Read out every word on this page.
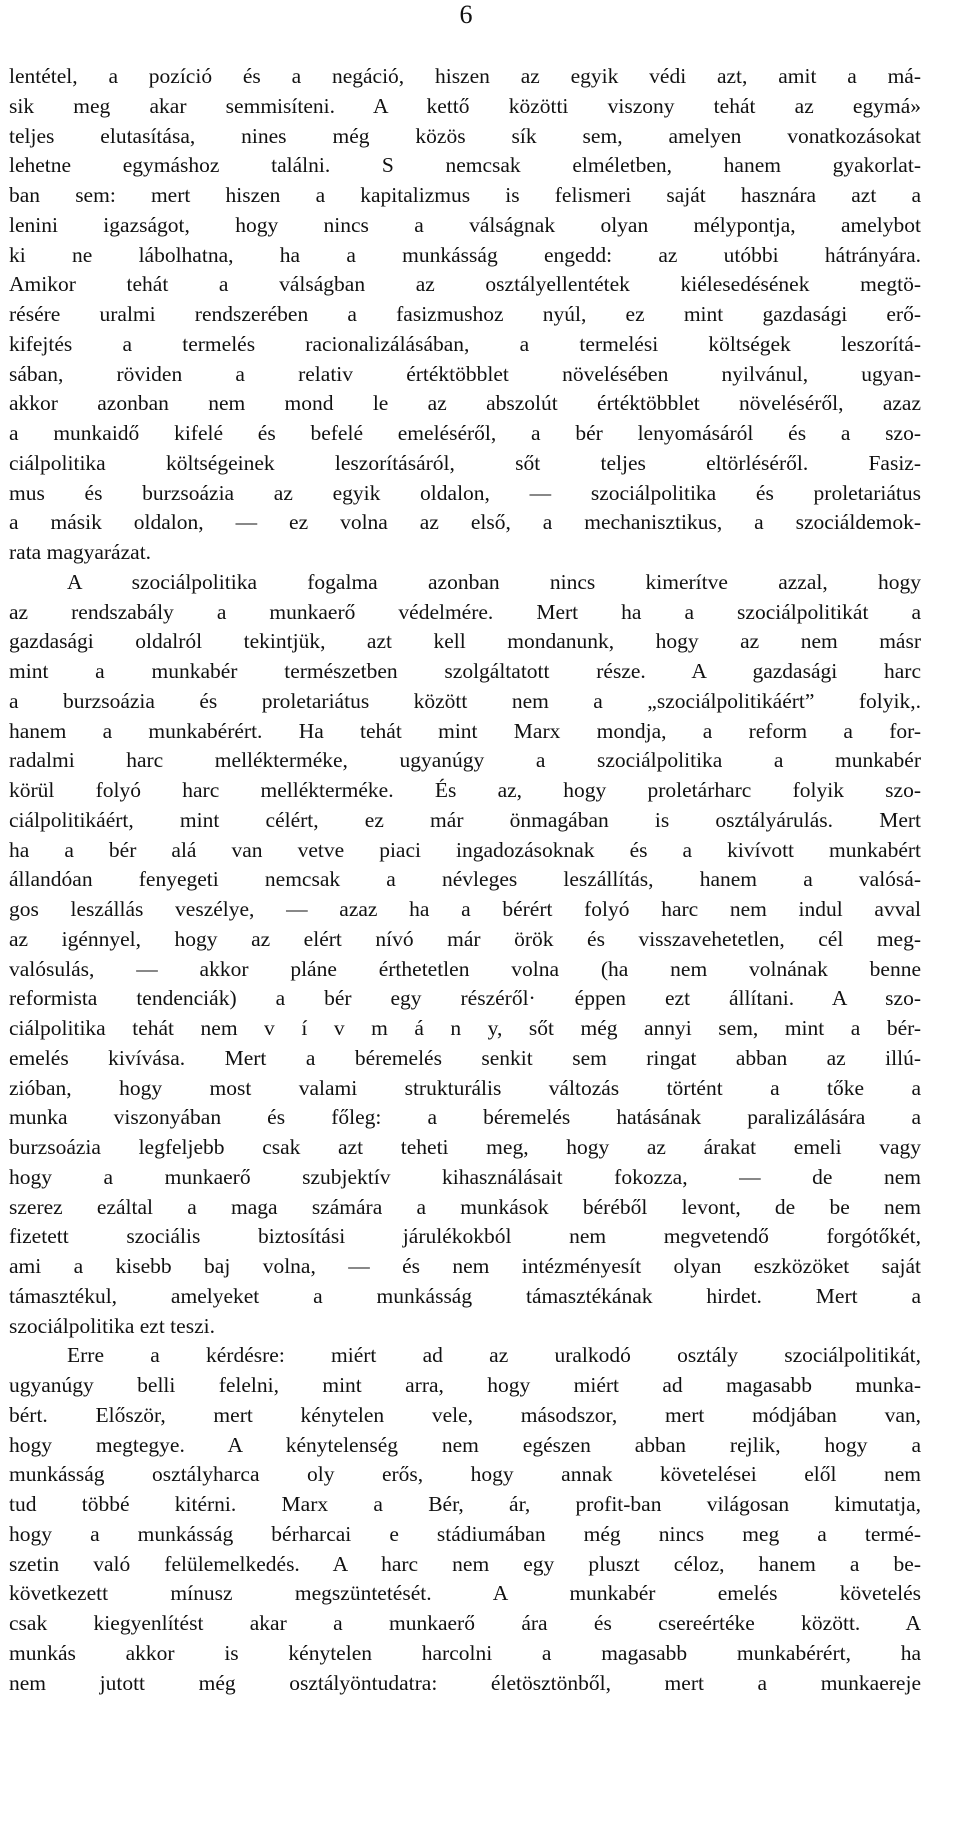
6
lentétel, a pozíció és a negáció, hiszen az egyik védi azt, amit a má-
sik meg akar semmisíteni. A kettő közötti viszony tehát az egymá»
teljes elutasítása, nines még közös sík sem, amelyen vonatkozásokat
lehetne egymáshoz találni. S nemcsak elméletben, hanem gyakorlat-
ban sem: mert hiszen a kapitalizmus is felismeri saját hasznára azt a
lenini igazságot, hogy nincs a válságnak olyan mélypontja, amelybot
ki ne lábolhatna, ha a munkásság engedd: az utóbbi hátrányára.
Amikor tehát a válságban az osztályellentétek kiélesedésének megtö-
résére uralmi rendszerében a fasizmushoz nyúl, ez mint gazdasági erő-
kifejtés a termelés racionalizálásában, a termelési költségek leszorítá-
sában, röviden a relativ értéktöbblet növelésében nyilvánul, ugyan-
akkor azonban nem mond le az abszolút értéktöbblet növeléséről, azaz
a munkaidő kifelé és befelé emeléséről, a bér lenyomásáról és a szo-
ciálpolitika költségeinek leszorításáról, sőt teljes eltörléséről. Fasiz-
mus és burzsoázia az egyik oldalon, — szociálpolitika és proletariátus
a másik oldalon, — ez volna az első, a mechanisztikus, a szociáldemok-
rata magyarázat.
A szociálpolitika fogalma azonban nincs kimerítve azzal, hogy
az rendszabály a munkaerő védelmére. Mert ha a szociálpolitikát a
gazdasági oldalról tekintjük, azt kell mondanunk, hogy az nem másr
mint a munkabér természetben szolgáltatott része. A gazdasági harc
a burzsoázia és proletariátus között nem a „szociálpolitikáért” folyik,.
hanem a munkabérért. Ha tehát mint Marx mondja, a reform a for-
radalmi harc mellékterméke, ugyanúgy a szociálpolitika a munkabér
körül folyó harc mellékterméke. És az, hogy proletárharc folyik szo-
ciálpolitikáért, mint célért, ez már önmagában is osztályárulás. Mert
ha a bér alá van vetve piaci ingadozásoknak és a kivívott munkabért
állandóan fenyegeti nemcsak a névleges leszállítás, hanem a valósá-
gos leszállás veszélye, — azaz ha a bérért folyó harc nem indul avval
az igénnyel, hogy az elért nívó már örök és visszavehetetlen, cél meg-
valósulás, — akkor pláne érthetetlen volna (ha nem volnának benne
reformista tendenciák) a bér egy részéről· éppen ezt állítani. A szo-
ciálpolitika tehát nem v í v m á n y, sőt még annyi sem, mint a bér-
emelés kivívása. Mert a béremelés senkit sem ringat abban az illú-
zióban, hogy most valami strukturális változás történt a tőke a
munka viszonyában és főleg: a béremelés hatásának paralizálására a
burzsoázia legfeljebb csak azt teheti meg, hogy az árakat emeli vagy
hogy a munkaerő szubjektív kihasználásait fokozza, — de nem
szerez ezáltal a maga számára a munkások béréből levont, de be nem
fizetett szociális biztosítási járulékokból nem megvetendő forgótőkét,
ami a kisebb baj volna, — és nem intézményesít olyan eszközöket saját
támasztékul, amelyeket a munkásság támasztékának hirdet. Mert a
szociálpolitika ezt teszi.
Erre a kérdésre: miért ad az uralkodó osztály szociálpolitikát,
ugyanúgy belli felelni, mint arra, hogy miért ad magasabb munka-
bért. Először, mert kénytelen vele, másodszor, mert módjában van,
hogy megtegye. A kénytelenség nem egészen abban rejlik, hogy a
munkásság osztályharca oly erős, hogy annak követelései elől nem
tud többé kitérni. Marx a Bér, ár, profit-ban világosan kimutatja,
hogy a munkásság bérharcai e stádiumában még nincs meg a termé-
szetin való felülemelkedés. A harc nem egy pluszt céloz, hanem a be-
következett mínusz megszüntetését. A munkabér emelés követelés
csak kiegyenlítést akar a munkaerő ára és csereértéke között. A
munkás akkor is kénytelen harcolni a magasabb munkabérért, ha
nem jutott még osztályöntudatra: életösztönből, mert a munkaereje
